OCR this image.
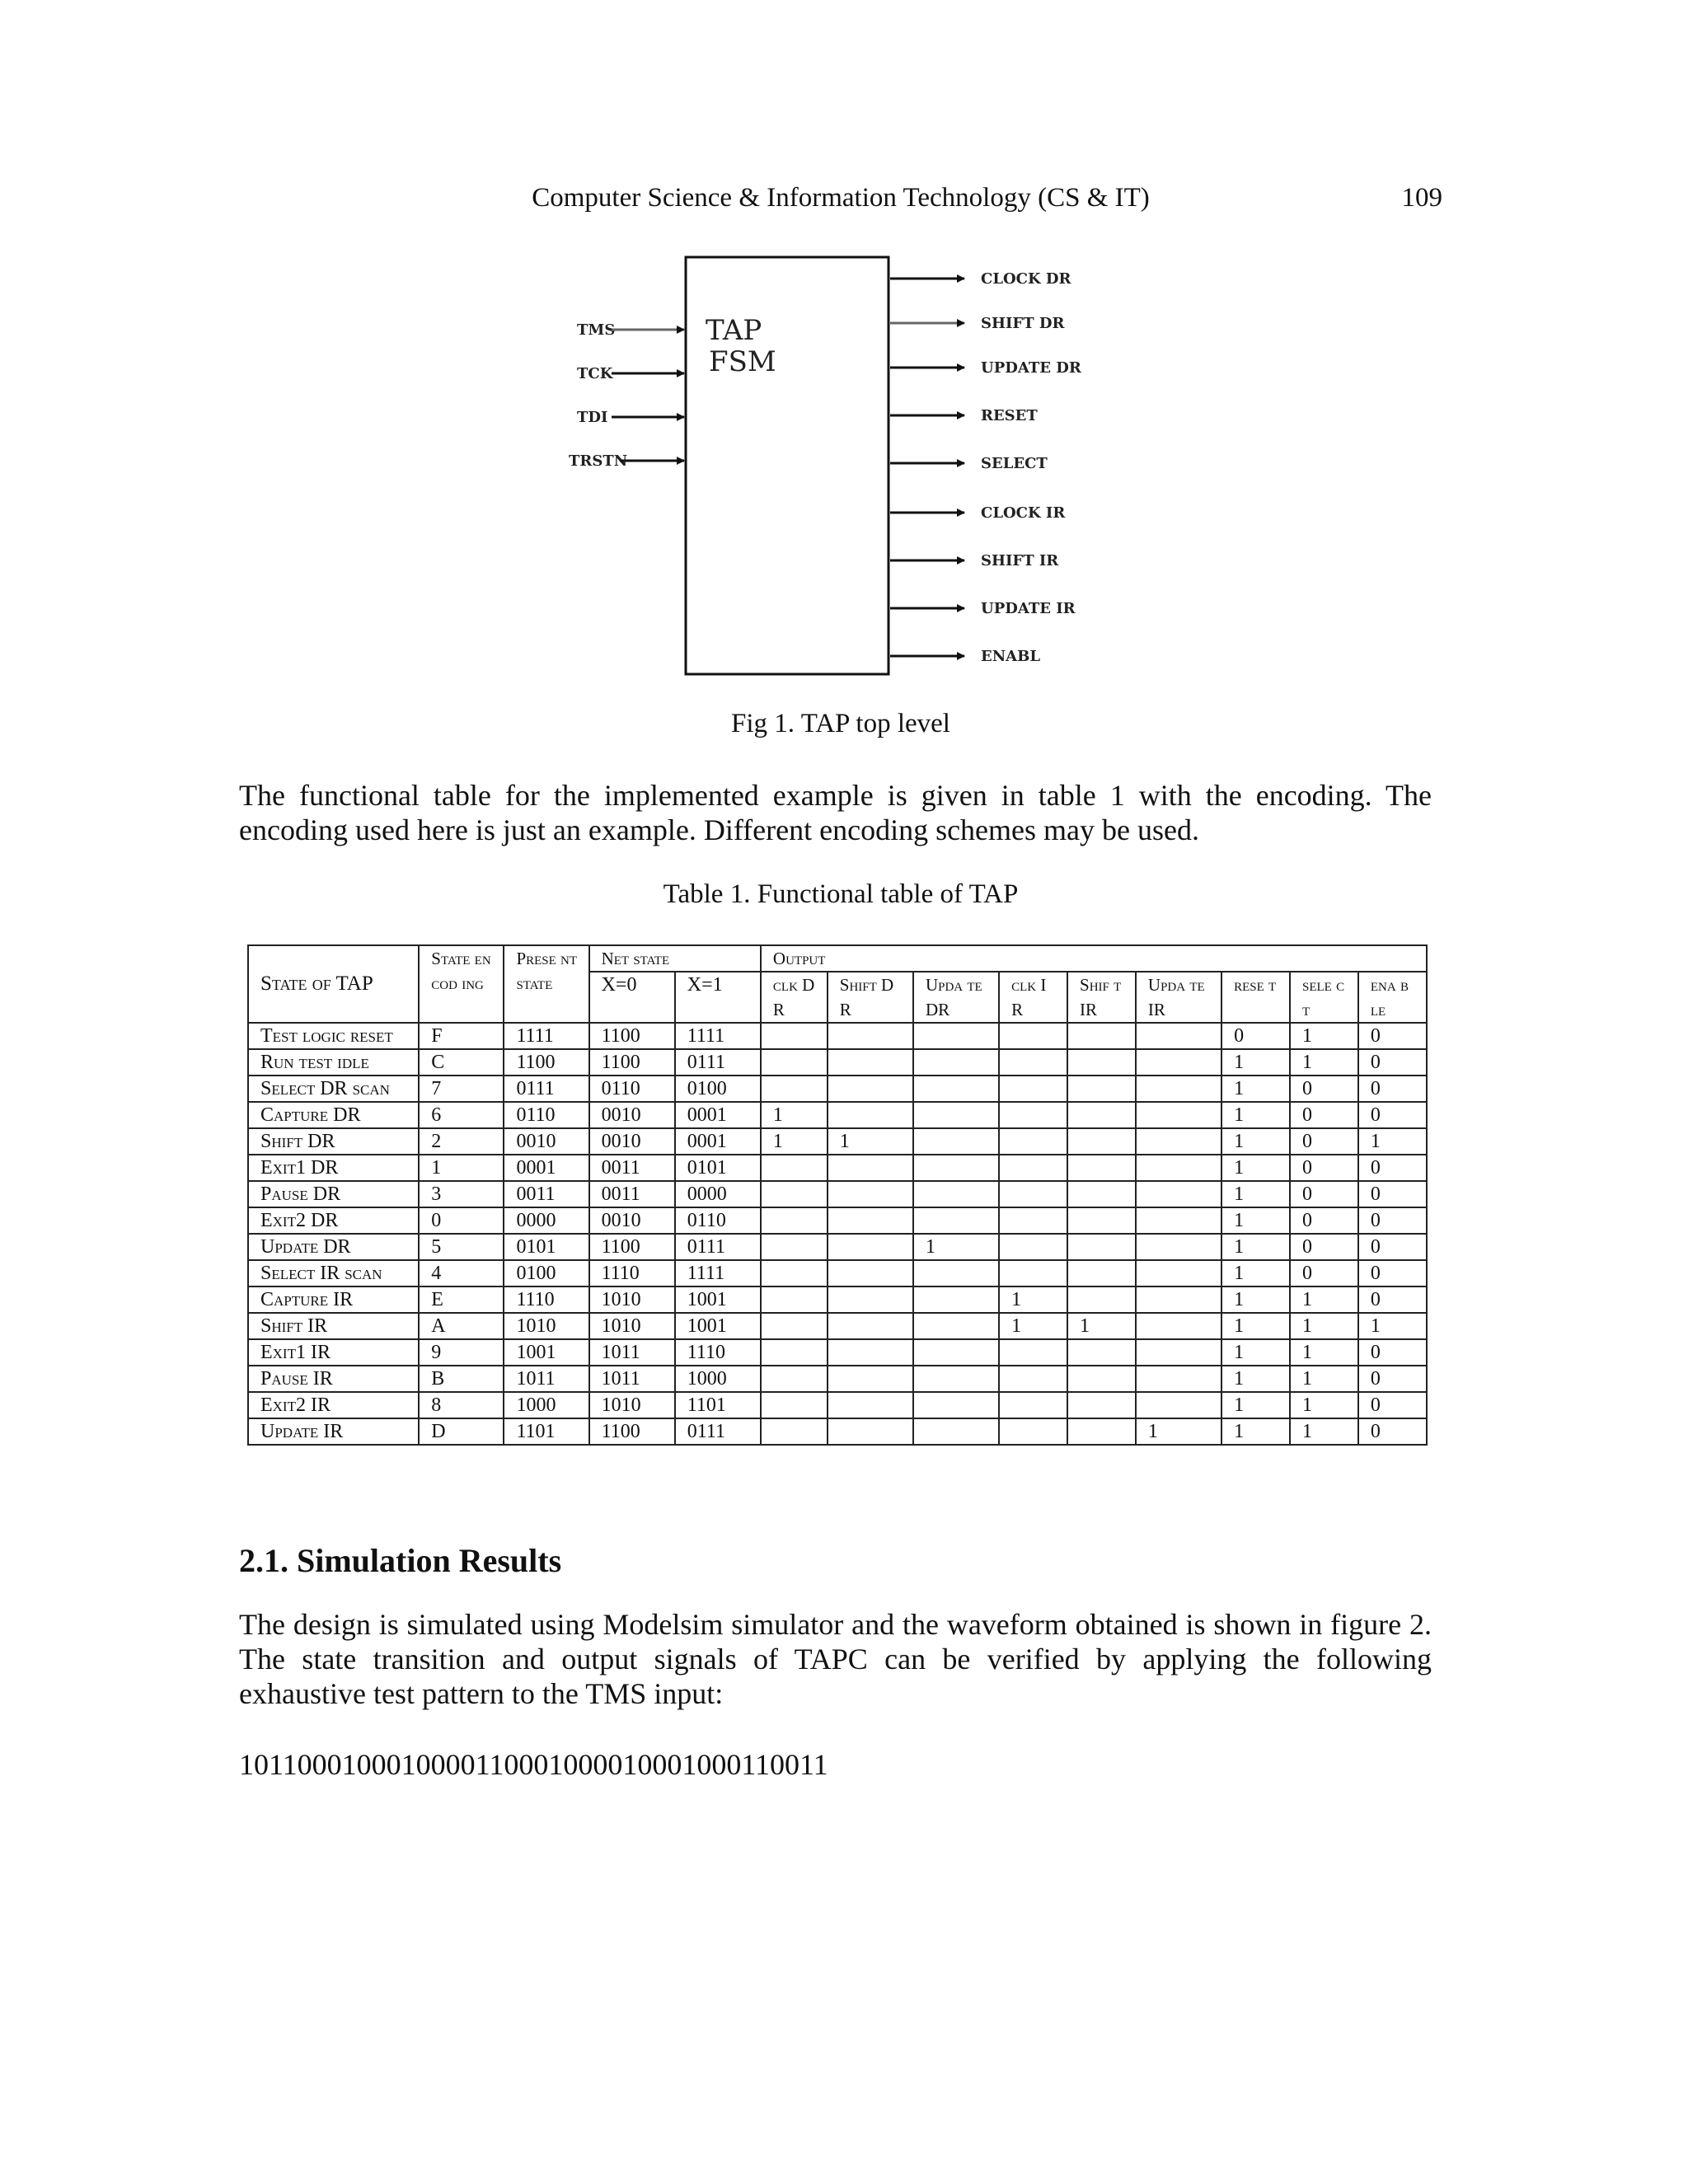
Computer Science & Information Technology (CS & IT)	109
TAP
FSM
TMS
TCK
TDI
TRSTN
CLOCK DR
SHIFT DR
UPDATE DR
RESET
SELECT
CLOCK IR
SHIFT IR
UPDATE IR
ENABL
Fig 1. TAP top level
The functional table for the implemented example is given in table 1 with the encoding. The encoding used here is just an example. Different encoding schemes may be used.
Table 1. Functional table of TAP
State of TAP	State encod ing	Prese nt state	Net state		Output								
			X=0	X=1	clk DR	Shift DR	Upda te DR	clk IR	Shif t IR	Upda te IR	rese t	sele ct	ena ble
Test logic reset	F	1111	1100	1111							0	1	0
Run test idle	C	1100	1100	0111							1	1	0
Select DR scan	7	0111	0110	0100							1	0	0
Capture DR	6	0110	0010	0001	1						1	0	0
Shift DR	2	0010	0010	0001	1	1					1	0	1
Exit1 DR	1	0001	0011	0101							1	0	0
Pause DR	3	0011	0011	0000							1	0	0
Exit2 DR	0	0000	0010	0110							1	0	0
Update DR	5	0101	1100	0111			1				1	0	0
Select IR scan	4	0100	1110	1111							1	0	0
Capture IR	E	1110	1010	1001				1			1	1	0
Shift IR	A	1010	1010	1001				1	1		1	1	1
Exit1 IR	9	1001	1011	1110							1	1	0
Pause IR	B	1011	1011	1000							1	1	0
Exit2 IR	8	1000	1010	1101							1	1	0
Update IR	D	1101	1100	0111						1	1	1	0
2.1. Simulation Results
The design is simulated using Modelsim simulator and the waveform obtained is shown in figure 2. The state transition and output signals of TAPC can be verified by applying the following exhaustive test pattern to the TMS input:
1011000100010000110001000010001000110011
